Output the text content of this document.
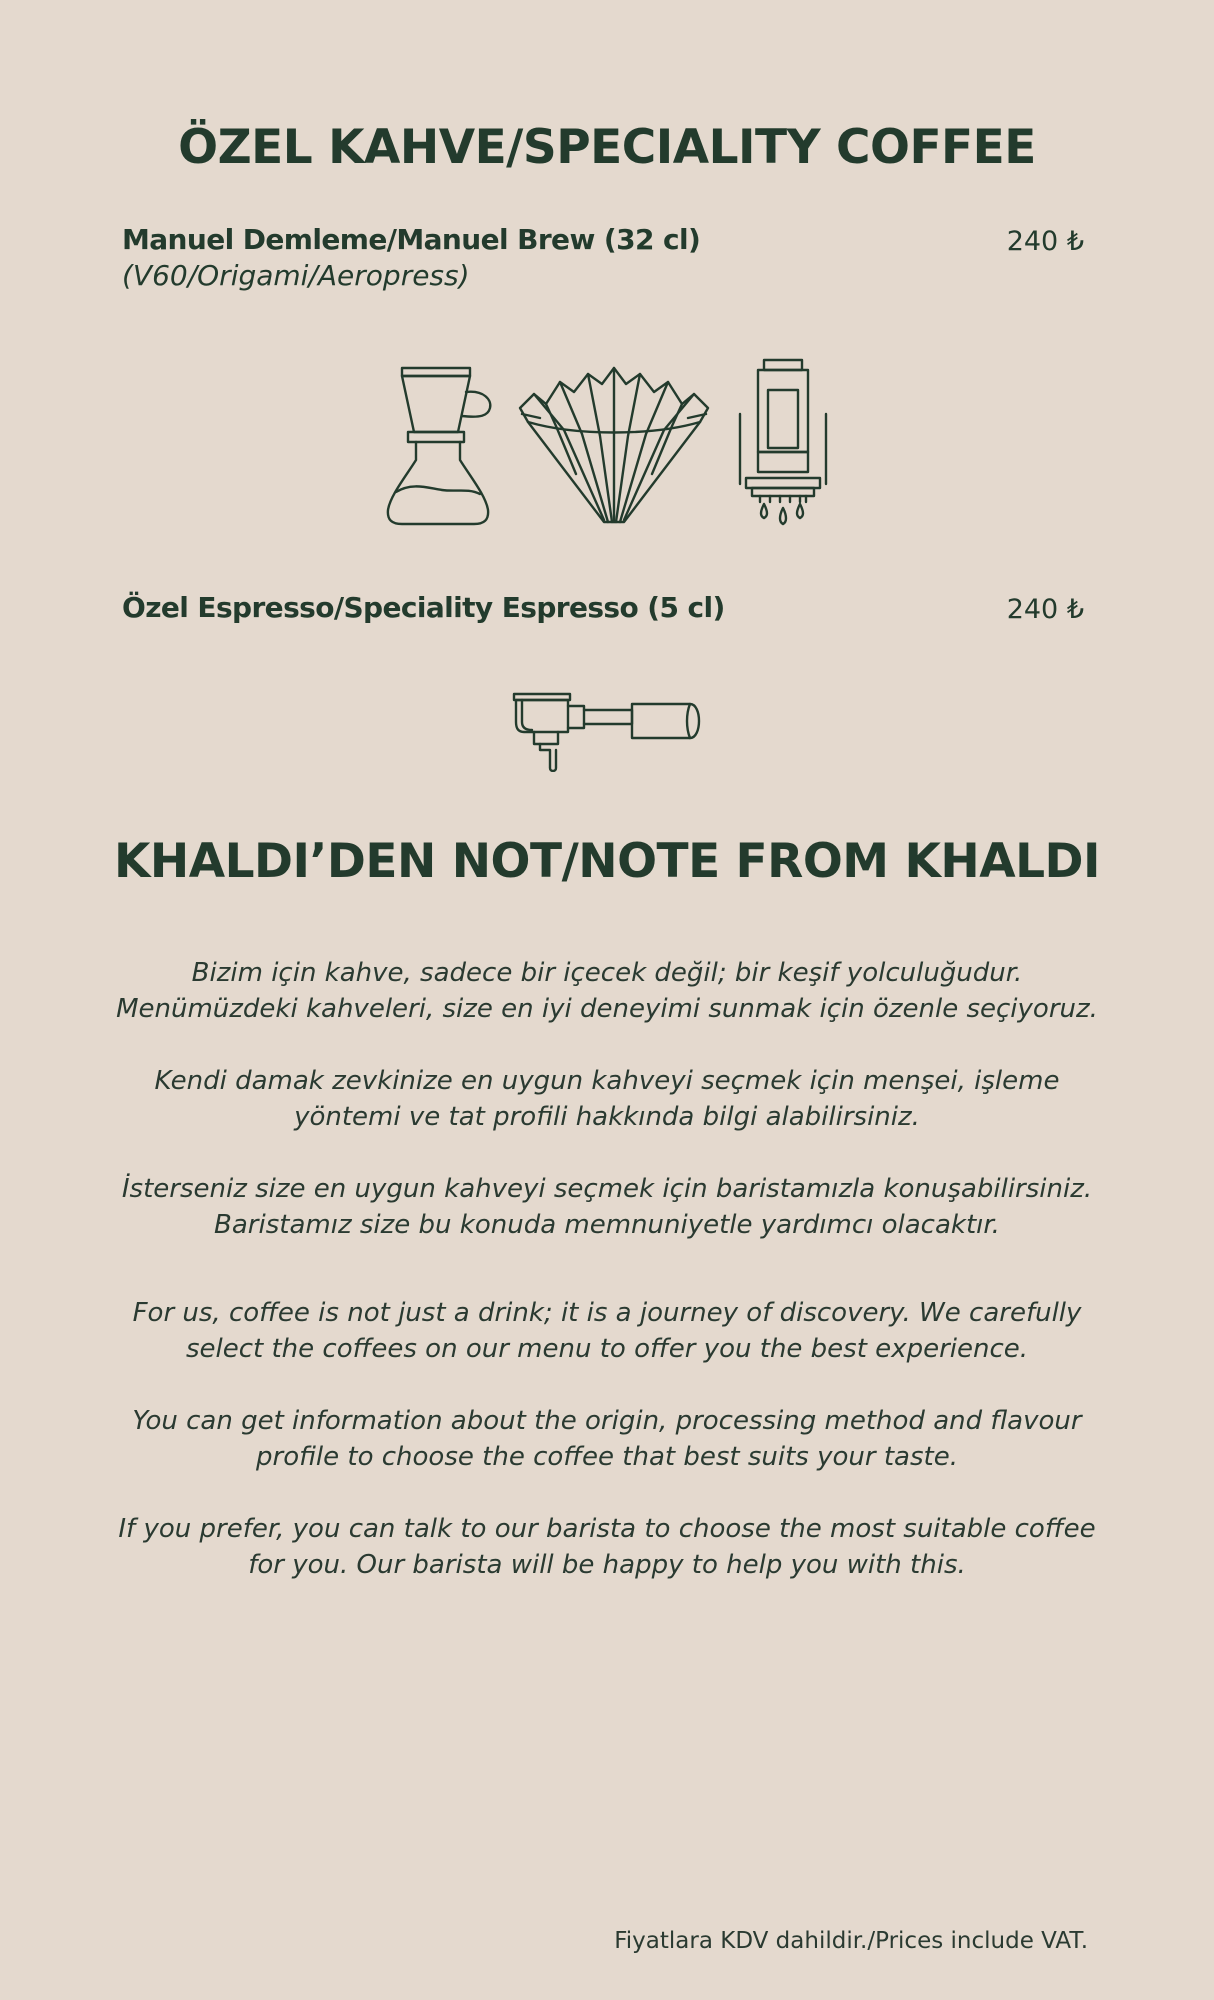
ÖZEL KAHVE/SPECIALITY COFFEE
Manuel Demleme/Manuel Brew (32 cl)
(V60/Origami/Aeropress)
240 ₺
Özel Espresso/Speciality Espresso (5 cl)	240 ₺
KHALDI’DEN NOT/NOTE FROM KHALDI

Bizim için kahve, sadece bir içecek değil; bir keşif yolculuğudur. Menümüzdeki kahveleri, size en iyi deneyimi sunmak için özenle seçiyoruz.

Kendi damak zevkinize en uygun kahveyi seçmek için menşei, işleme yöntemi ve tat profili hakkında bilgi alabilirsiniz.

İsterseniz size en uygun kahveyi seçmek için baristamızla konuşabilirsiniz. Baristamız size bu konuda memnuniyetle yardımcı olacaktır.

For us, coffee is not just a drink; it is a journey of discovery. We carefully select the coffees on our menu to offer you the best experience.

You can get information about the origin, processing method and flavour profile to choose the coffee that best suits your taste.

If you prefer, you can talk to our barista to choose the most suitable coffee for you. Our barista will be happy to help you with this.

Fiyatlara KDV dahildir./Prices include VAT.
